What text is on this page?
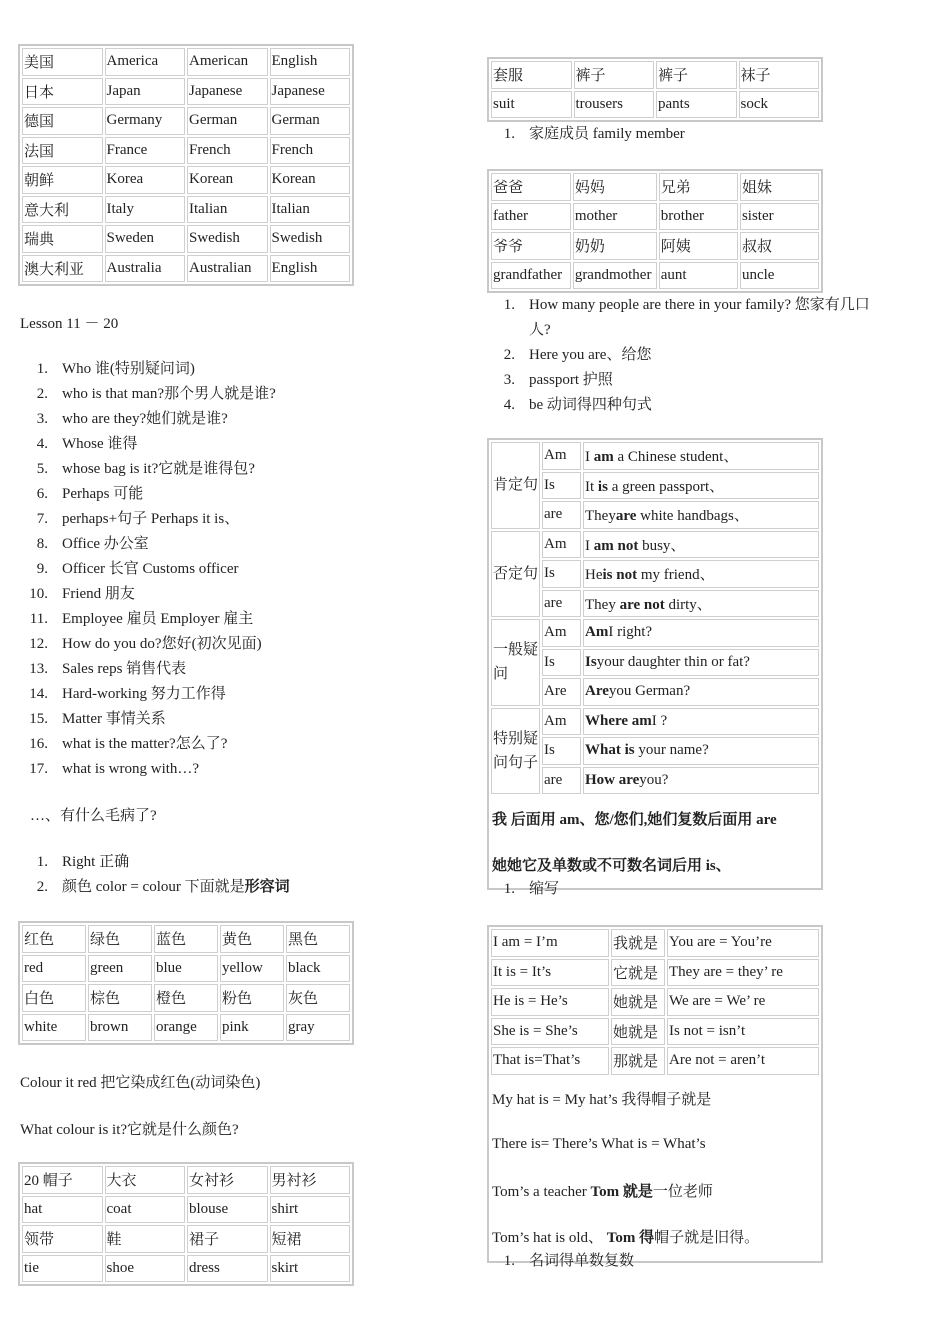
美国	America	American	English
日本	Japan	Japanese	Japanese
德国	Germany	German	German
法国	France	French	French
朝鲜	Korea	Korean	Korean
意大利	Italy	Italian	Italian
瑞典	Sweden	Swedish	Swedish
澳大利亚	Australia	Australian	English
Lesson 11 － 20
1. Who 谁(特别疑问词)
2. who is that man?那个男人就是谁?
3. who are they?她们就是谁?
4. Whose 谁得
5. whose bag is it?它就是谁得包?
6. Perhaps 可能
7. perhaps+句子 Perhaps it is、
8. Office 办公室
9. Officer 长官 Customs officer
10. Friend 朋友
11. Employee 雇员 Employer 雇主
12. How do you do?您好(初次见面)
13. Sales reps 销售代表
14. Hard-working 努力工作得
15. Matter 事情关系
16. what is the matter?怎么了?
17. what is wrong with…?
…、有什么毛病了?
1. Right 正确
2. 颜色 color = colour 下面就是形容词
红色	绿色	蓝色	黄色	黑色
red	green	blue	yellow	black
白色	棕色	橙色	粉色	灰色
white	brown	orange	pink	gray
Colour it red 把它染成红色(动词染色)
What colour is it?它就是什么颜色?
20 帽子	大衣	女衬衫	男衬衫
hat	coat	blouse	shirt
领带	鞋	裙子	短裙
tie	shoe	dress	skirt
套服	裤子	裤子	袜子
suit	trousers	pants	sock
1. 家庭成员 family member
爸爸	妈妈	兄弟	姐妹
father	mother	brother	sister
爷爷	奶奶	阿姨	叔叔
grandfather	grandmother	aunt	uncle
1. How many people are there in your family? 您家有几口
人?
2. Here you are、给您
3. passport 护照
4. be 动词得四种句式
肯定句	Am	I am a Chinese student、
	Is	It is a green passport、
	are	Theyare white handbags、
否定句	Am	I am not busy、
	Is	Heis not my friend、
	are	They are not dirty、
一般疑问	Am	AmI right?
	Is	Isyour daughter thin or fat?
	Are	Areyou German?
特别疑问句子	Am	Where amI ?
	Is	What is your name?
	are	How areyou?
我 后面用 am、您/您们,她们复数后面用 are		
她她它及单数或不可数名词后用 is、		
1. 缩写
I am = I’m	我就是	You are = You’re
It is = It’s	它就是	They are = they’ re
He is = He’s	她就是	We are = We’ re
She is = She’s	她就是	Is not = isn’t
That is=That’s	那就是	Are not = aren’t
My hat is = My hat’s 我得帽子就是		
There is= There’s What is = What’s		
Tom’s a teacher Tom 就是一位老师		
Tom’s hat is old、 Tom 得帽子就是旧得。		
1. 名词得单数复数
